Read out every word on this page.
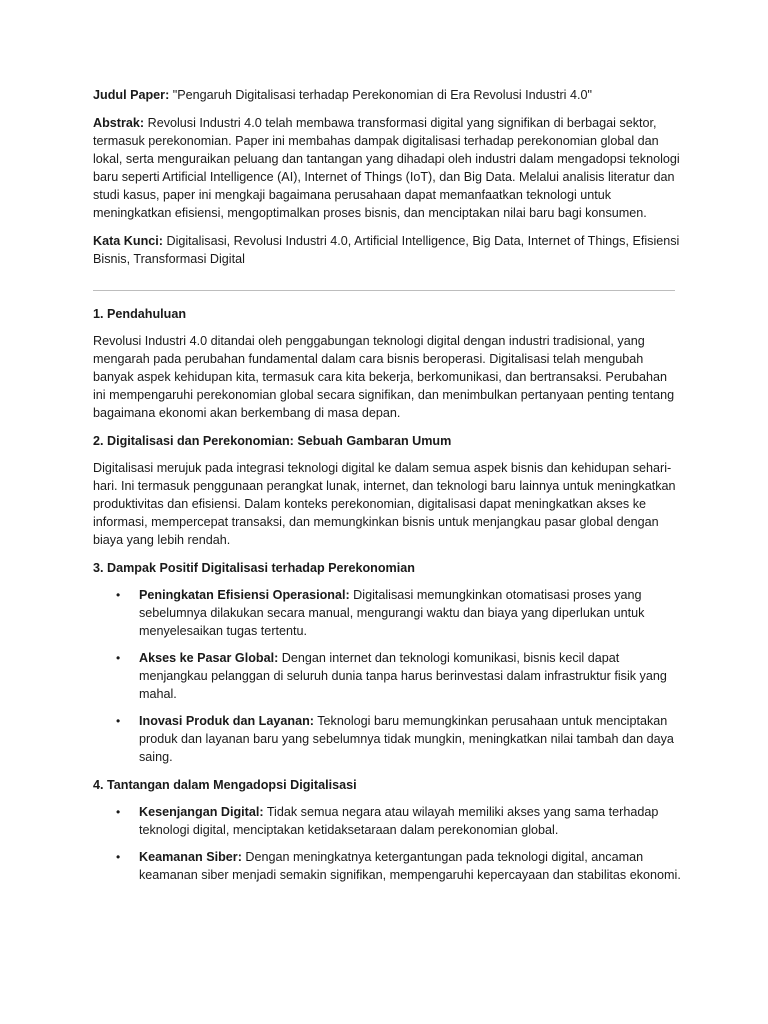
Judul Paper: "Pengaruh Digitalisasi terhadap Perekonomian di Era Revolusi Industri 4.0"

Abstrak: Revolusi Industri 4.0 telah membawa transformasi digital yang signifikan di berbagai sektor, termasuk perekonomian. Paper ini membahas dampak digitalisasi terhadap perekonomian global dan lokal, serta menguraikan peluang dan tantangan yang dihadapi oleh industri dalam mengadopsi teknologi baru seperti Artificial Intelligence (AI), Internet of Things (IoT), dan Big Data. Melalui analisis literatur dan studi kasus, paper ini mengkaji bagaimana perusahaan dapat memanfaatkan teknologi untuk meningkatkan efisiensi, mengoptimalkan proses bisnis, dan menciptakan nilai baru bagi konsumen.

Kata Kunci: Digitalisasi, Revolusi Industri 4.0, Artificial Intelligence, Big Data, Internet of Things, Efisiensi Bisnis, Transformasi Digital

1. Pendahuluan

Revolusi Industri 4.0 ditandai oleh penggabungan teknologi digital dengan industri tradisional, yang mengarah pada perubahan fundamental dalam cara bisnis beroperasi. Digitalisasi telah mengubah banyak aspek kehidupan kita, termasuk cara kita bekerja, berkomunikasi, dan bertransaksi. Perubahan ini mempengaruhi perekonomian global secara signifikan, dan menimbulkan pertanyaan penting tentang bagaimana ekonomi akan berkembang di masa depan.

2. Digitalisasi dan Perekonomian: Sebuah Gambaran Umum

Digitalisasi merujuk pada integrasi teknologi digital ke dalam semua aspek bisnis dan kehidupan sehari-hari. Ini termasuk penggunaan perangkat lunak, internet, dan teknologi baru lainnya untuk meningkatkan produktivitas dan efisiensi. Dalam konteks perekonomian, digitalisasi dapat meningkatkan akses ke informasi, mempercepat transaksi, dan memungkinkan bisnis untuk menjangkau pasar global dengan biaya yang lebih rendah.

3. Dampak Positif Digitalisasi terhadap Perekonomian
• Peningkatan Efisiensi Operasional: Digitalisasi memungkinkan otomatisasi proses yang sebelumnya dilakukan secara manual, mengurangi waktu dan biaya yang diperlukan untuk menyelesaikan tugas tertentu.
• Akses ke Pasar Global: Dengan internet dan teknologi komunikasi, bisnis kecil dapat menjangkau pelanggan di seluruh dunia tanpa harus berinvestasi dalam infrastruktur fisik yang mahal.
• Inovasi Produk dan Layanan: Teknologi baru memungkinkan perusahaan untuk menciptakan produk dan layanan baru yang sebelumnya tidak mungkin, meningkatkan nilai tambah dan daya saing.
4. Tantangan dalam Mengadopsi Digitalisasi
• Kesenjangan Digital: Tidak semua negara atau wilayah memiliki akses yang sama terhadap teknologi digital, menciptakan ketidaksetaraan dalam perekonomian global.
• Keamanan Siber: Dengan meningkatnya ketergantungan pada teknologi digital, ancaman keamanan siber menjadi semakin signifikan, mempengaruhi kepercayaan dan stabilitas ekonomi.
